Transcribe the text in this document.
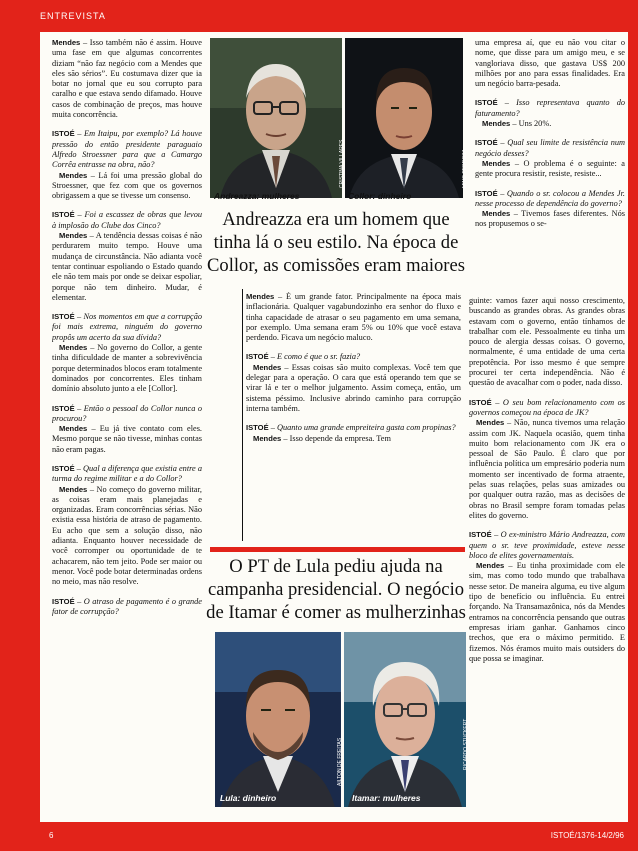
ENTREVISTA
6	ISTOÉ/1376-14/2/96

Mendes – Isso também não é assim. Houve uma fase em que algumas concorrentes diziam “não faz negócio com a Mendes que eles são sérios”. Eu costumava dizer que ia botar no jornal que eu sou corrupto para caralho e que estava sendo difamado. Houve casos de combinação de preços, mas houve muita concorrência.

ISTOÉ – Em Itaipu, por exemplo? Lá houve pressão do então presidente paraguaio Alfredo Stroessner para que a Camargo Corrêa entrasse na obra, não?

Mendes – Lá foi uma pressão global do Stroessner, que fez com que os governos obrigassem a que se tivesse um consenso.

ISTOÉ – Foi a escassez de obras que levou à implosão do Clube dos Cinco?

Mendes – A tendência dessas coisas é não perdurarem muito tempo. Houve uma mudança de circunstância. Não adianta você tentar continuar espoliando o Estado quando ele não tem mais por onde se deixar espoliar, porque não tem dinheiro. Mudar, é elementar.

ISTOÉ – Nos momentos em que a corrupção foi mais extrema, ninguém do governo propôs um acerto da sua dívida?

Mendes – No governo do Collor, a gente tinha dificuldade de manter a sobrevivência porque determinados blocos eram totalmente dominados por concorrentes. Eles tinham domínio absoluto junto a ele [Collor].

ISTOÉ – Então o pessoal do Collor nunca o procurou?

Mendes – Eu já tive contato com eles. Mesmo porque se não tivesse, minhas contas não eram pagas.

ISTOÉ – Qual a diferença que existia entre a turma do regime militar e a do Collor?

Mendes – No começo do governo militar, as coisas eram mais planejadas e organizadas. Eram concorrências sérias. Não existia essa história de atraso de pagamento. Eu acho que sem a solução disso, não adianta. Enquanto houver necessidade de você corromper ou oportunidade de te achacarem, não tem jeito. Pode ser maior ou menor. Você pode botar determinadas ordens no meio, mas não resolve.

ISTOÉ – O atraso de pagamento é o grande fator de corrupção?

Andreazza: mulheres	Collor: dinheiro
CRISTINA VILLARES	MINO PEDROSA
Andreazza era um homem que tinha lá o seu estilo. Na época de Collor, as comissões eram maiores

Mendes – É um grande fator. Principalmente na época mais inflacionária. Qualquer vagabundozinho era senhor do fluxo e tinha capacidade de atrasar o seu pagamento em uma semana, por exemplo. Uma semana eram 5% ou 10% que você estava perdendo. Ficava um negócio maluco.

ISTOÉ – E como é que o sr. fazia?

Mendes – Essas coisas são muito complexas. Você tem que delegar para a operação. O cara que está operando tem que se virar lá e ter o melhor julgamento. Assim começa, então, um sistema péssimo. Inclusive abrindo caminho para corrupção interna também.

ISTOÉ – Quanto uma grande empreiteira gasta com propinas?

Mendes – Isso depende da empresa. Tem

uma empresa aí, que eu não vou citar o nome, que disse para um amigo meu, e se vangloriava disso, que gastava US$ 200 milhões por ano para essas finalidades. Era um negócio barra-pesada.

ISTOÉ – Isso representava quanto do faturamento?

Mendes – Uns 20%.

ISTOÉ – Qual seu limite de resistência num negócio desses?

Mendes – O problema é o seguinte: a gente procura resistir, resiste, resiste...

ISTOÉ – Quando o sr. colocou a Mendes Jr. nesse processo de dependência do governo?

Mendes – Tivemos fases diferentes. Nós nos propusemos o se-

guinte: vamos fazer aqui nosso crescimento, buscando as grandes obras. As grandes obras estavam com o governo, então tínhamos de trabalhar com ele. Pessoalmente eu tinha um pouco de alergia dessas coisas. O governo, normalmente, é uma entidade de uma certa prepotência. Por isso mesmo é que sempre procurei ter certa independência. Não é questão de avacalhar com o poder, nada disso.

ISTOÉ – O seu bom relacionamento com os governos começou na época de JK?

Mendes – Não, nunca tivemos uma relação assim com JK. Naquela ocasião, quem tinha muito bom relacionamento com JK era o pessoal de São Paulo. É claro que por influência política um empresário poderia num momento ser incentivado de forma atraente, pelas suas relações, pelas suas amizades ou por qualquer outra razão, mas as decisões de obras no Brasil sempre foram tomadas pelas elites do governo.

ISTOÉ – O ex-ministro Mário Andreazza, com quem o sr. teve proximidade, esteve nesse bloco de elites governamentais.

Mendes – Eu tinha proximidade com ele sim, mas como todo mundo que trabalhava nesse setor. De maneira alguma, eu tive algum tipo de benefício ou influência. Eu entrei forçando. Na Transamazônica, nós da Mendes entramos na concorrência pensando que outras empresas iriam ganhar. Ganhamos cinco trechos, que era o máximo permitido. E fizemos. Nós éramos muito mais outsiders do que possa se imaginar.

O PT de Lula pediu ajuda na campanha presidencial. O negócio de Itamar é comer as mulherzinhas
Lula: dinheiro
AILTON DE FREITAS
Itamar: mulheres
RICARDO STUCKERT
